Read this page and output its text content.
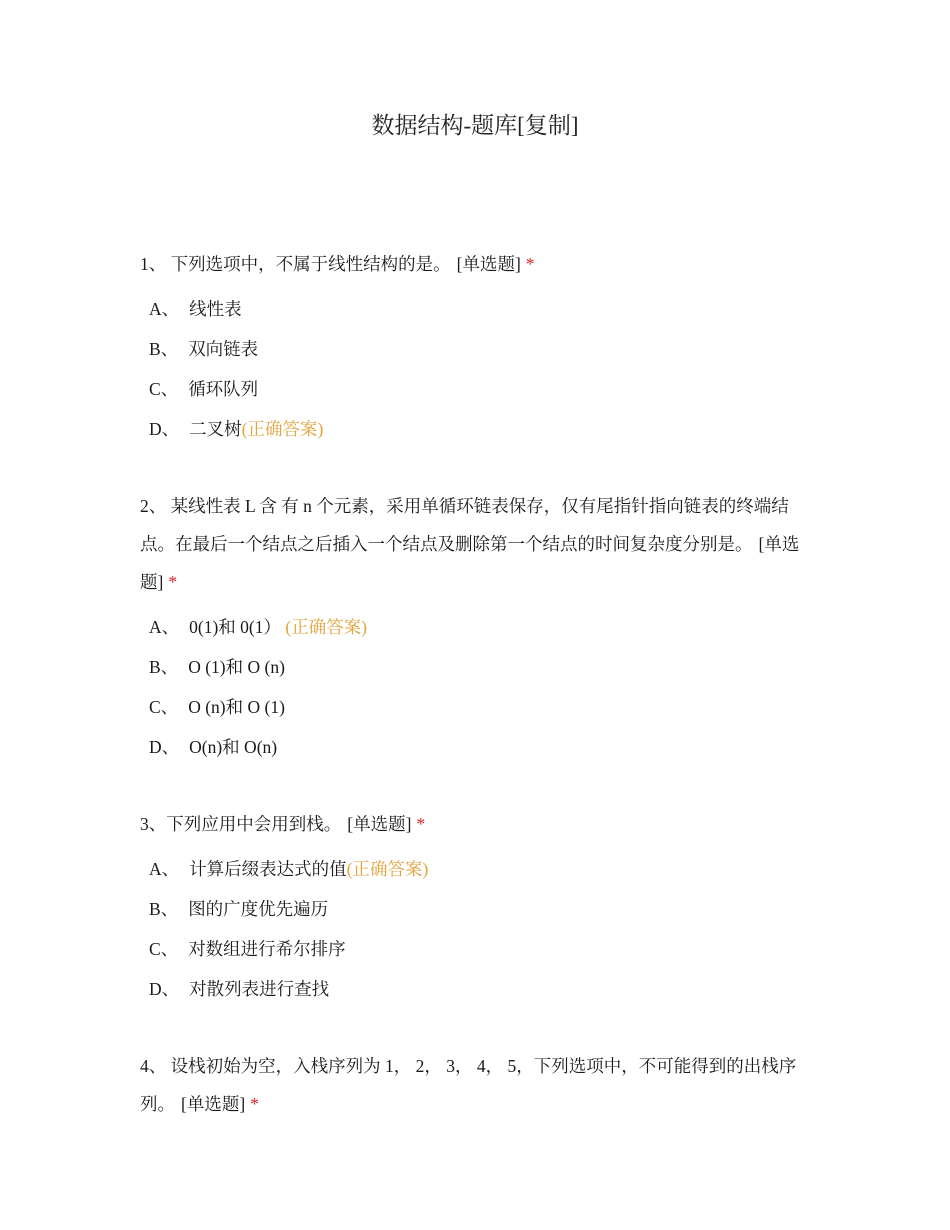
数据结构-题库[复制]
1、 下列选项中，不属于线性结构的是。 [单选题] *
A、 线性表
B、 双向链表
C、 循环队列
D、 二叉树(正确答案)
2、 某线性表 L 含 有 n 个元素，采用单循环链表保存，仅有尾指针指向链表的终端结点。在最后一个结点之后插入一个结点及删除第一个结点的时间复杂度分别是。 [单选题] *
A、 0(1)和 0(1） (正确答案)
B、 O (1)和 O (n)
C、 O (n)和 O (1)
D、 O(n)和 O(n)
3、下列应用中会用到栈。 [单选题] *
A、 计算后缀表达式的值(正确答案)
B、 图的广度优先遍历
C、 对数组进行希尔排序
D、 对散列表进行查找
4、 设栈初始为空，入栈序列为 1， 2， 3， 4， 5，下列选项中，不可能得到的出栈序列。 [单选题] *
